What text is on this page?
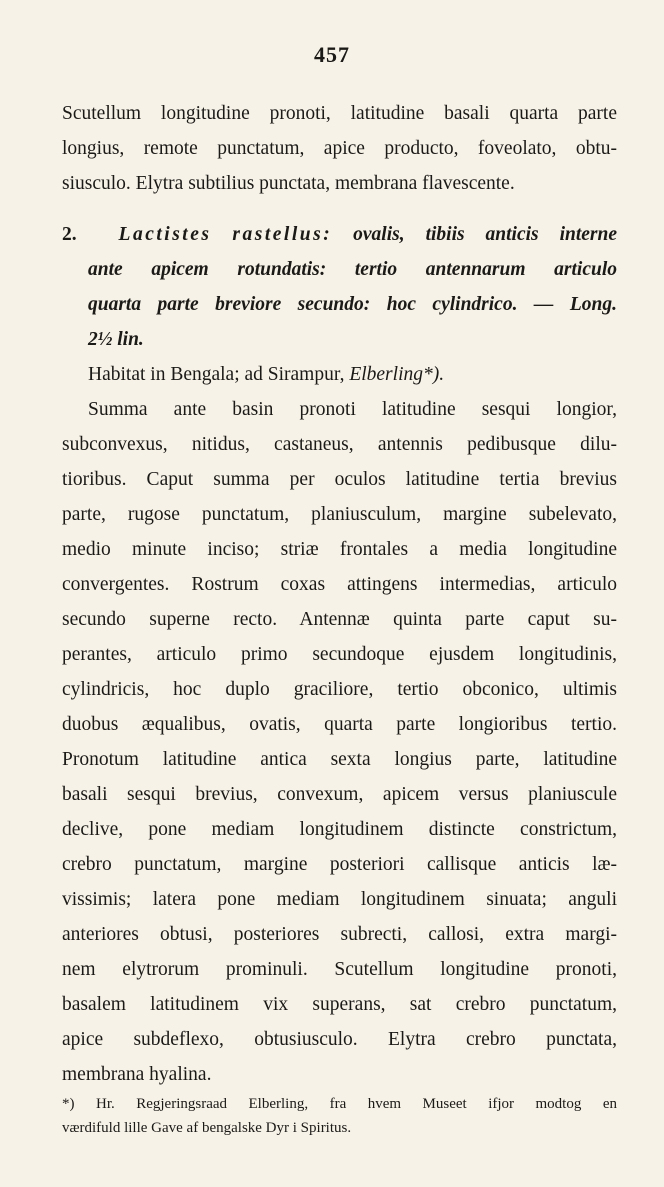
457
Scutellum longitudine pronoti, latitudine basali quarta parte
longius, remote punctatum, apice producto, foveolato, obtu-
siusculo. Elytra subtilius punctata, membrana flavescente.
2. Lactistes rastellus: ovalis, tibiis anticis interne
ante apicem rotundatis: tertio antennarum articulo
quarta parte breviore secundo: hoc cylindrico. — Long.
2½ lin.
Habitat in Bengala; ad Sirampur, Elberling*).
Summa ante basin pronoti latitudine sesqui longior,
subconvexus, nitidus, castaneus, antennis pedibusque dilu-
tioribus. Caput summa per oculos latitudine tertia brevius
parte, rugose punctatum, planiusculum, margine subelevato,
medio minute inciso; striæ frontales a media longitudine
convergentes. Rostrum coxas attingens intermedias, articulo
secundo superne recto. Antennæ quinta parte caput su-
perantes, articulo primo secundoque ejusdem longitudinis,
cylindricis, hoc duplo graciliore, tertio obconico, ultimis
duobus æqualibus, ovatis, quarta parte longioribus tertio.
Pronotum latitudine antica sexta longius parte, latitudine
basali sesqui brevius, convexum, apicem versus planiuscule
declive, pone mediam longitudinem distincte constrictum,
crebro punctatum, margine posteriori callisque anticis læ-
vissimis; latera pone mediam longitudinem sinuata; anguli
anteriores obtusi, posteriores subrecti, callosi, extra margi-
nem elytrorum prominuli. Scutellum longitudine pronoti,
basalem latitudinem vix superans, sat crebro punctatum,
apice subdeflexo, obtusiusculo. Elytra crebro punctata,
membrana hyalina.
*) Hr. Regjeringsraad Elberling, fra hvem Museet ifjor modtog en
værdifuld lille Gave af bengalske Dyr i Spiritus.
